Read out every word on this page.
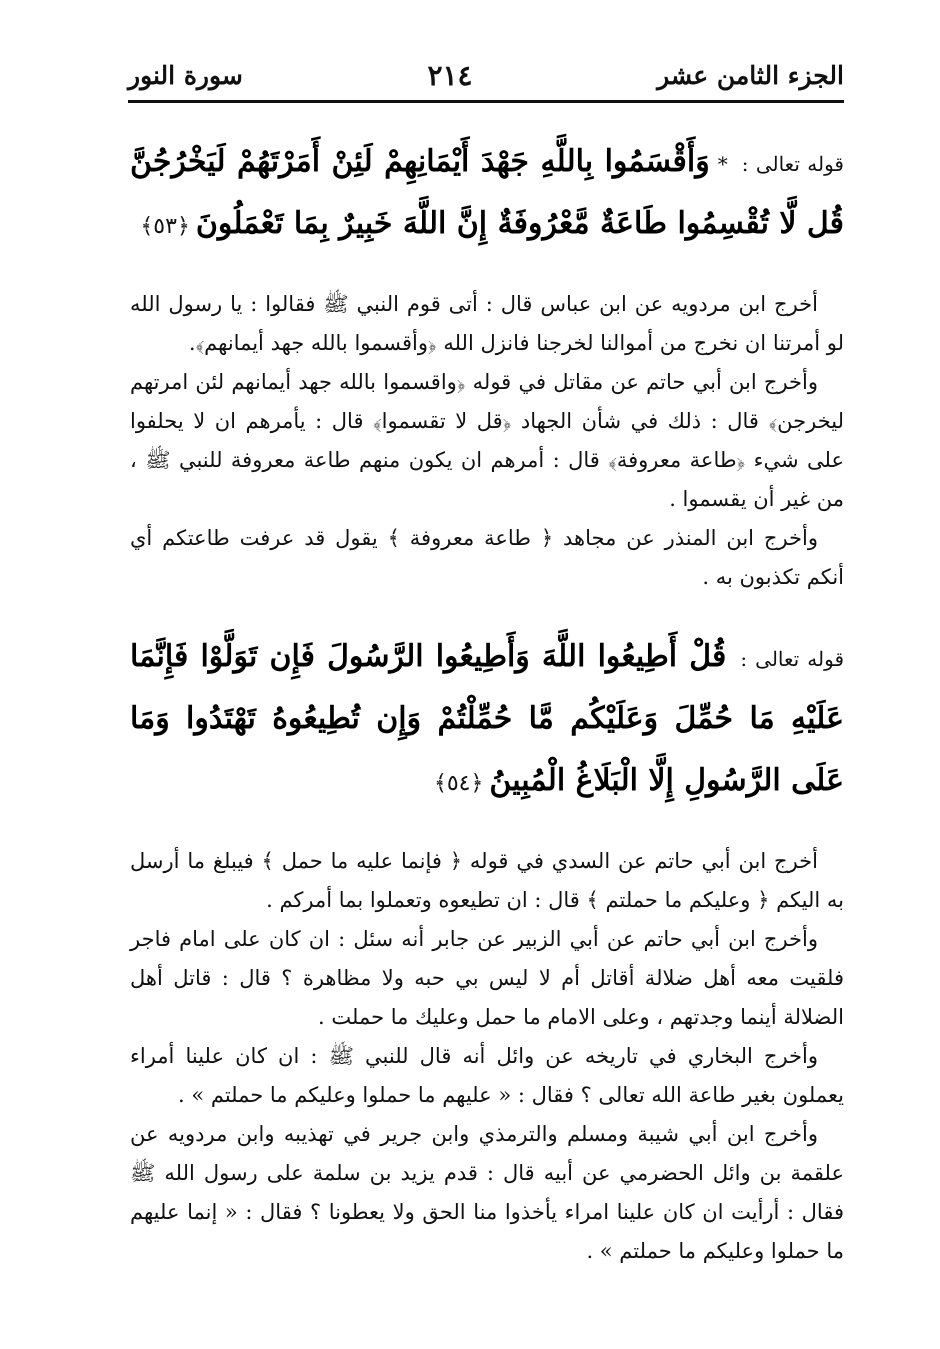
الجزء الثامن عشر
٢١٤
سورة النور
قوله تعالى :*وَأَقْسَمُوا بِاللَّهِ جَهْدَ أَيْمَانِهِمْ لَئِنْ أَمَرْتَهُمْ لَيَخْرُجُنَّ قُل لَّا تُقْسِمُوا طَاعَةٌ مَّعْرُوفَةٌ إِنَّ اللَّهَ خَبِيرٌ بِمَا تَعْمَلُونَ﴿٥٣﴾

أخرج ابن مردويه عن ابن عباس قال : أتى قوم النبي ﷺ فقالوا : يا رسول الله لو أمرتنا ان نخرج من أموالنا لخرجنا فانزل الله ﴿وأقسموا بالله جهد أيمانهم﴾.

وأخرج ابن أبي حاتم عن مقاتل في قوله ﴿واقسموا بالله جهد أيمانهم لئن امرتهم ليخرجن﴾ قال : ذلك في شأن الجهاد ﴿قل لا تقسموا﴾ قال : يأمرهم ان لا يحلفوا على شيء ﴿طاعة معروفة﴾ قال : أمرهم ان يكون منهم طاعة معروفة للنبي ﷺ ، من غير أن يقسموا .

وأخرج ابن المنذر عن مجاهد ﴿ طاعة معروفة ﴾ يقول قد عرفت طاعتكم أي أنكم تكذبون به .

قوله تعالى :قُلْ أَطِيعُوا اللَّهَ وَأَطِيعُوا الرَّسُولَ فَإِن تَوَلَّوْا فَإِنَّمَا عَلَيْهِ مَا حُمِّلَ وَعَلَيْكُم مَّا حُمِّلْتُمْ وَإِن تُطِيعُوهُ تَهْتَدُوا وَمَا عَلَى الرَّسُولِ إِلَّا الْبَلَاغُ الْمُبِينُ﴿٥٤﴾

أخرج ابن أبي حاتم عن السدي في قوله ﴿ فإنما عليه ما حمل ﴾ فيبلغ ما أرسل به اليكم ﴿ وعليكم ما حملتم ﴾ قال : ان تطيعوه وتعملوا بما أمركم .

وأخرج ابن أبي حاتم عن أبي الزبير عن جابر أنه سئل : ان كان على امام فاجر فلقيت معه أهل ضلالة أقاتل أم لا ليس بي حبه ولا مظاهرة ؟ قال : قاتل أهل الضلالة أينما وجدتهم ، وعلى الامام ما حمل وعليك ما حملت .

وأخرج البخاري في تاريخه عن وائل أنه قال للنبي ﷺ : ان كان علينا أمراء يعملون بغير طاعة الله تعالى ؟ فقال : « عليهم ما حملوا وعليكم ما حملتم » .

وأخرج ابن أبي شيبة ومسلم والترمذي وابن جرير في تهذيبه وابن مردويه عن علقمة بن وائل الحضرمي عن أبيه قال : قدم يزيد بن سلمة على رسول الله ﷺ فقال : أرأيت ان كان علينا امراء يأخذوا منا الحق ولا يعطونا ؟ فقال : « إنما عليهم ما حملوا وعليكم ما حملتم » .
